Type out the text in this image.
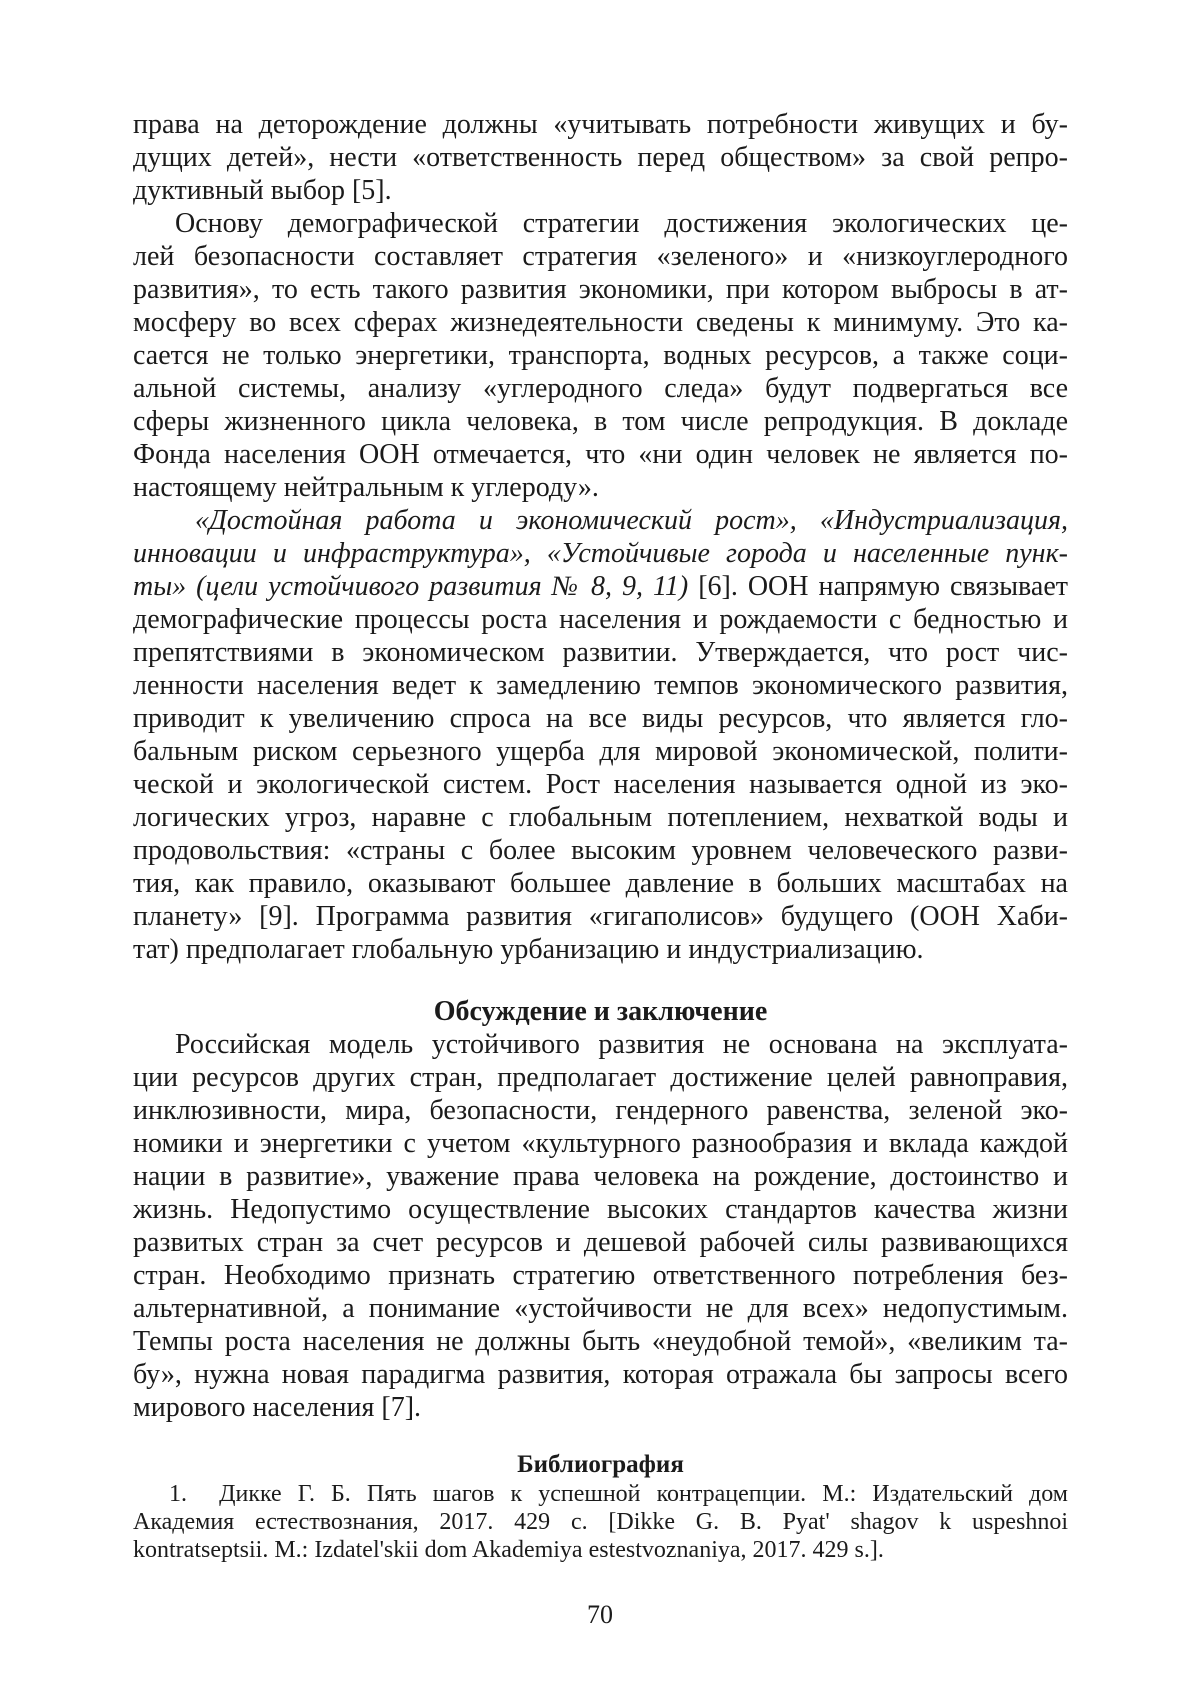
права на деторождение должны «учитывать потребности живущих и бу-
дущих детей», нести «ответственность перед обществом» за свой репро-
дуктивный выбор [5].
Основу демографической стратегии достижения экологических це-
лей безопасности составляет стратегия «зеленого» и «низкоуглеродного
развития», то есть такого развития экономики, при котором выбросы в ат-
мосферу во всех сферах жизнедеятельности сведены к минимуму. Это ка-
сается не только энергетики, транспорта, водных ресурсов, а также соци-
альной системы, анализу «углеродного следа» будут подвергаться все
сферы жизненного цикла человека, в том числе репродукция. В докладе
Фонда населения ООН отмечается, что «ни один человек не является по-
настоящему нейтральным к углероду».
«Достойная работа и экономический рост», «Индустриализация,
инновации и инфраструктура», «Устойчивые города и населенные пунк-
ты» (цели устойчивого развития № 8, 9, 11) [6]. ООН напрямую связывает
демографические процессы роста населения и рождаемости с бедностью и
препятствиями в экономическом развитии. Утверждается, что рост чис-
ленности населения ведет к замедлению темпов экономического развития,
приводит к увеличению спроса на все виды ресурсов, что является гло-
бальным риском серьезного ущерба для мировой экономической, полити-
ческой и экологической систем. Рост населения называется одной из эко-
логических угроз, наравне с глобальным потеплением, нехваткой воды и
продовольствия: «страны с более высоким уровнем человеческого разви-
тия, как правило, оказывают большее давление в больших масштабах на
планету» [9]. Программа развития «гигаполисов» будущего (ООН Хаби-
тат) предполагает глобальную урбанизацию и индустриализацию.
Обсуждение и заключение
Российская модель устойчивого развития не основана на эксплуата-
ции ресурсов других стран, предполагает достижение целей равноправия,
инклюзивности, мира, безопасности, гендерного равенства, зеленой эко-
номики и энергетики с учетом «культурного разнообразия и вклада каждой
нации в развитие», уважение права человека на рождение, достоинство и
жизнь. Недопустимо осуществление высоких стандартов качества жизни
развитых стран за счет ресурсов и дешевой рабочей силы развивающихся
стран. Необходимо признать стратегию ответственного потребления без-
альтернативной, а понимание «устойчивости не для всех» недопустимым.
Темпы роста населения не должны быть «неудобной темой», «великим та-
бу», нужна новая парадигма развития, которая отражала бы запросы всего
мирового населения [7].
Библиография
1.  Дикке Г. Б. Пять шагов к успешной контрацепции. М.: Издательский дом
Академия естествознания, 2017. 429 с. [Dikke G. B. Pyat' shagov k uspeshnoi
kontratseptsii. M.: Izdatel'skii dom Akademiya estestvoznaniya, 2017. 429 s.].
70
